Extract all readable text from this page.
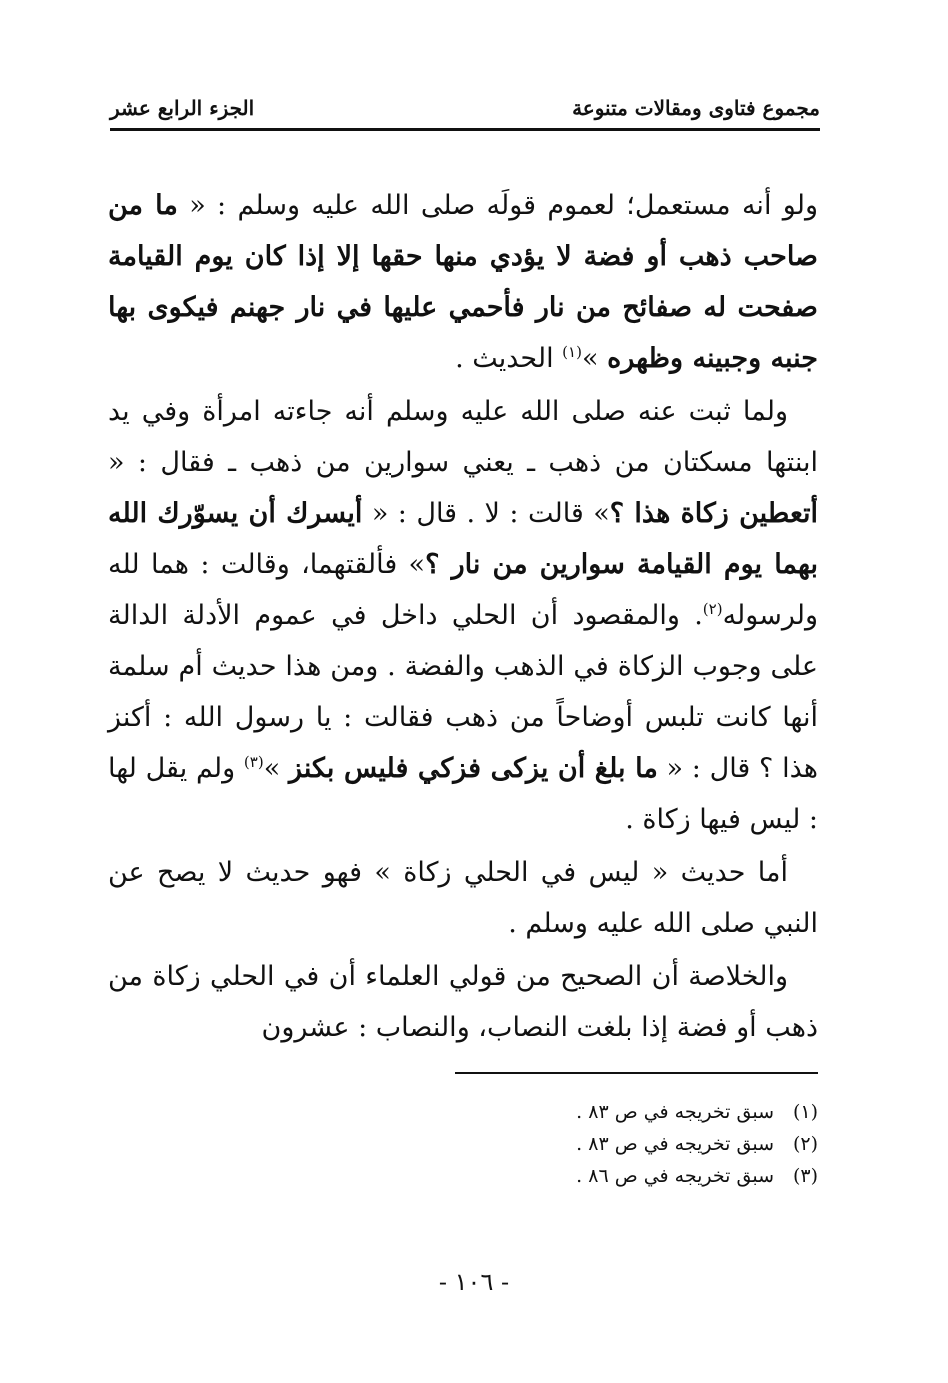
مجموع فتاوى ومقالات متنوعة
الجزء الرابع عشر

ولو أنه مستعمل؛ لعموم قولَه صلى الله عليه وسلم : « ما من صاحب ذهب أو فضة لا يؤدي منها حقها إلا إذا كان يوم القيامة صفحت له صفائح من نار فأحمي عليها في نار جهنم فيكوى بها جنبه وجبينه وظهره »$^{(١)}$ الحديث .

ولما ثبت عنه صلى الله عليه وسلم أنه جاءته امرأة وفي يد ابنتها مسكتان من ذهب ـ يعني سوارين من ذهب ـ فقال : « أتعطين زكاة هذا ؟» قالت : لا . قال : « أيسرك أن يسوّرك الله بهما يوم القيامة سوارين من نار ؟» فألقتهما، وقالت : هما لله ولرسوله$^{(٢)}$. والمقصود أن الحلي داخل في عموم الأدلة الدالة على وجوب الزكاة في الذهب والفضة . ومن هذا حديث أم سلمة أنها كانت تلبس أوضاحاً من ذهب فقالت : يا رسول الله : أكنز هذا ؟ قال : « ما بلغ أن يزكى فزكي فليس بكنز »$^{(٣)}$ ولم يقل لها : ليس فيها زكاة .

أما حديث « ليس في الحلي زكاة » فهو حديث لا يصح عن النبي صلى الله عليه وسلم .

والخلاصة أن الصحيح من قولي العلماء أن في الحلي زكاة من ذهب أو فضة إذا بلغت النصاب، والنصاب : عشرون

(١)سبق تخريجه في ص ٨٣ .
(٢)سبق تخريجه في ص ٨٣ .
(٣)سبق تخريجه في ص ٨٦ .
- ١٠٦ -
